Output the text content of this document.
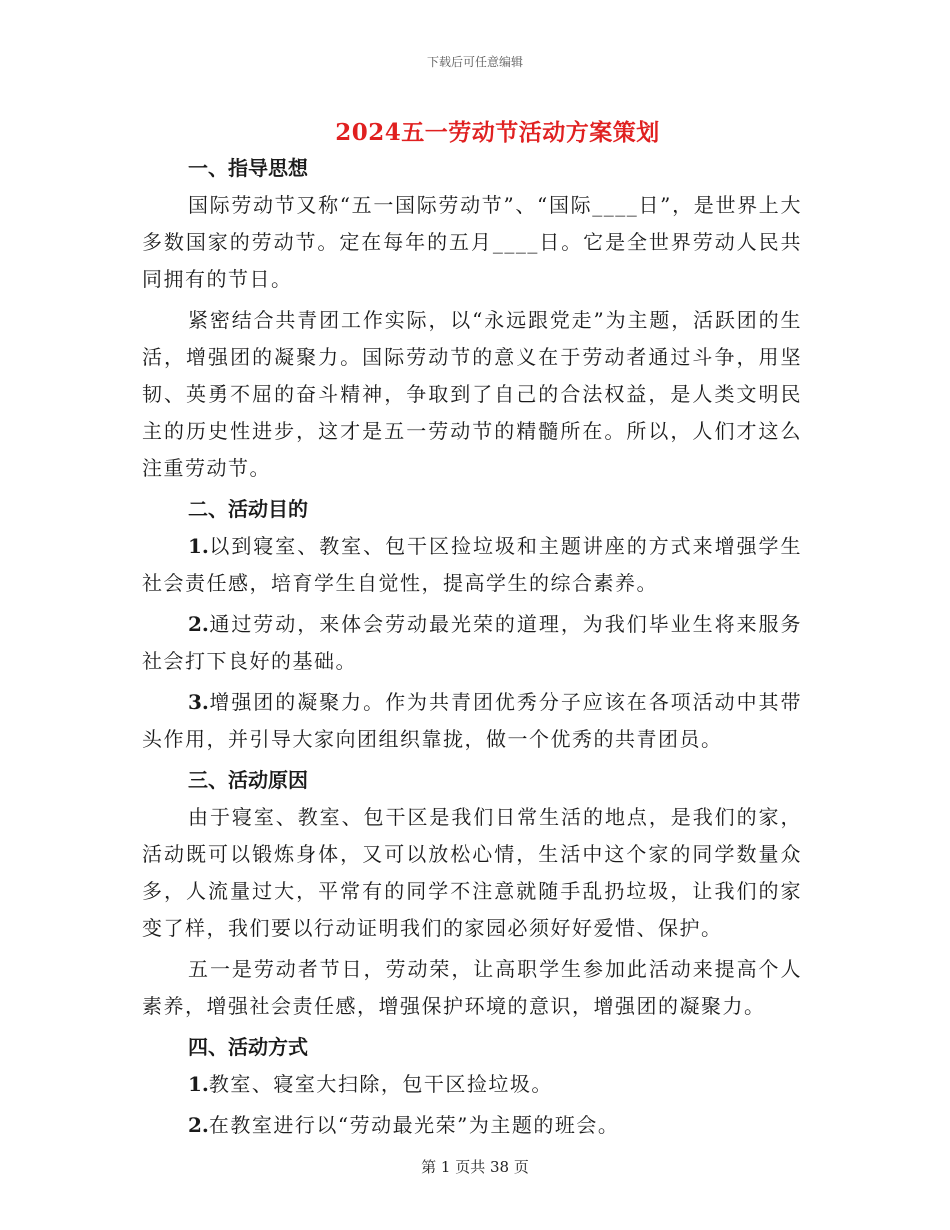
下载后可任意编辑
2024五一劳动节活动方案策划
一、指导思想

国际劳动节又称“五一国际劳动节”、“国际____日”，是世界上大多数国家的劳动节。定在每年的五月____日。它是全世界劳动人民共同拥有的节日。

紧密结合共青团工作实际，以“永远跟党走”为主题，活跃团的生活，增强团的凝聚力。国际劳动节的意义在于劳动者通过斗争，用坚韧、英勇不屈的奋斗精神，争取到了自己的合法权益，是人类文明民主的历史性进步，这才是五一劳动节的精髓所在。所以，人们才这么注重劳动节。

二、活动目的

1.以到寝室、教室、包干区捡垃圾和主题讲座的方式来增强学生社会责任感，培育学生自觉性，提高学生的综合素养。

2.通过劳动，来体会劳动最光荣的道理，为我们毕业生将来服务社会打下良好的基础。

3.增强团的凝聚力。作为共青团优秀分子应该在各项活动中其带头作用，并引导大家向团组织靠拢，做一个优秀的共青团员。

三、活动原因

由于寝室、教室、包干区是我们日常生活的地点，是我们的家，活动既可以锻炼身体，又可以放松心情，生活中这个家的同学数量众多，人流量过大，平常有的同学不注意就随手乱扔垃圾，让我们的家变了样，我们要以行动证明我们的家园必须好好爱惜、保护。

五一是劳动者节日，劳动荣，让高职学生参加此活动来提高个人素养，增强社会责任感，增强保护环境的意识，增强团的凝聚力。

四、活动方式

1.教室、寝室大扫除，包干区捡垃圾。

2.在教室进行以“劳动最光荣”为主题的班会。

第 1 页共 38 页
